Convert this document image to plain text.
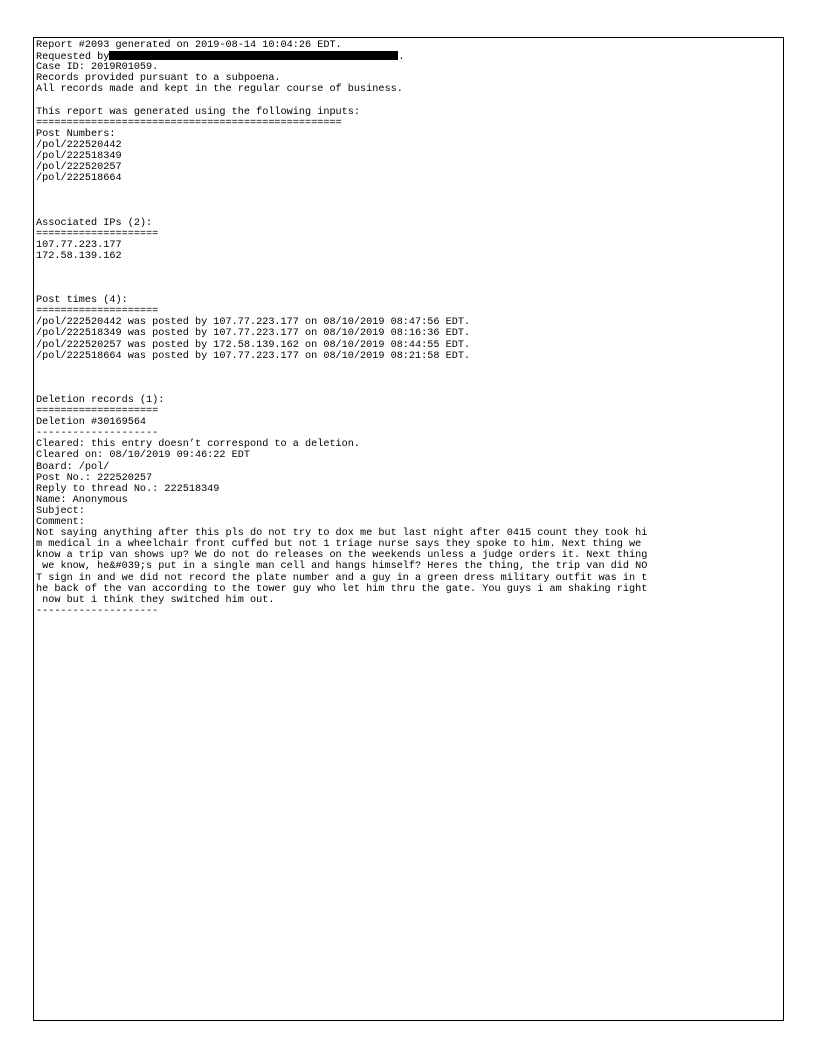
Report #2093 generated on 2019-08-14 10:04:26 EDT.
Requested by	.
Case ID: 2019R01059.
Records provided pursuant to a subpoena.
All records made and kept in the regular course of business.
This report was generated using the following inputs:
==================================================
Post Numbers:
/pol/222520442
/pol/222518349
/pol/222520257
/pol/222518664
Associated IPs (2):
====================
107.77.223.177
172.58.139.162
Post times (4):
====================
/pol/222520442 was posted by 107.77.223.177 on 08/10/2019 08:47:56 EDT.
/pol/222518349 was posted by 107.77.223.177 on 08/10/2019 08:16:36 EDT.
/pol/222520257 was posted by 172.58.139.162 on 08/10/2019 08:44:55 EDT.
/pol/222518664 was posted by 107.77.223.177 on 08/10/2019 08:21:58 EDT.
Deletion records (1):
====================
Deletion #30169564
--------------------
Cleared: this entry doesn’t correspond to a deletion.
Cleared on: 08/10/2019 09:46:22 EDT
Board: /pol/
Post No.: 222520257
Reply to thread No.: 222518349
Name: Anonymous
Subject:
Comment:
Not saying anything after this pls do not try to dox me but last night after 0415 count they took hi
m medical in a wheelchair front cuffed but not 1 triage nurse says they spoke to him. Next thing we
know a trip van shows up? We do not do releases on the weekends unless a judge orders it. Next thing
we know, he&#039;s put in a single man cell and hangs himself? Heres the thing, the trip van did NO
T sign in and we did not record the plate number and a guy in a green dress military outfit was in t
he back of the van according to the tower guy who let him thru the gate. You guys i am shaking right
now but i think they switched him out.
--------------------
